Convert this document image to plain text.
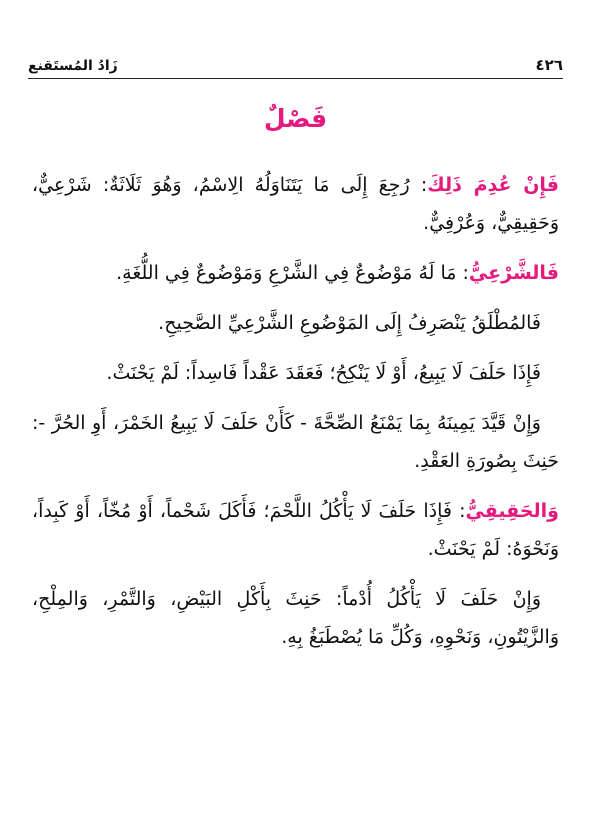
٤٢٦
زَادُ المُستَقنع
فَصْلٌ

فَإِنْ عُدِمَ ذَلِكَ: رُجِعَ إِلَى مَا يَتَنَاوَلُهُ الِاسْمُ، وَهُوَ ثَلَاثَةٌ: شَرْعِيٌّ، وَحَقِيقِيٌّ، وَعُرْفِيٌّ.

فَالشَّرْعِيُّ: مَا لَهُ مَوْضُوعٌ فِي الشَّرْعِ وَمَوْضُوعٌ فِي اللُّغَةِ.

فَالمُطْلَقُ يَنْصَرِفُ إِلَى المَوْضُوعِ الشَّرْعِيِّ الصَّحِيحِ.

فَإِذَا حَلَفَ لَا يَبِيعُ، أَوْ لَا يَنْكِحُ؛ فَعَقَدَ عَقْداً فَاسِداً: لَمْ يَحْنَثْ.

وَإِنْ قَيَّدَ يَمِينَهُ بِمَا يَمْنَعُ الصِّحَّةَ - كَأَنْ حَلَفَ لَا يَبِيعُ الخَمْرَ، أَوِ الحُرَّ -: حَنِثَ بِصُورَةِ العَقْدِ.

وَالحَقِيقِيُّ: فَإِذَا حَلَفَ لَا يَأْكُلُ اللَّحْمَ؛ فَأَكَلَ شَحْماً، أَوْ مُخّاً، أَوْ كَبِداً، وَنَحْوَهُ: لَمْ يَحْنَثْ.

وَإِنْ حَلَفَ لَا يَأْكُلُ أُدْماً: حَنِثَ بِأَكْلِ البَيْضِ، وَالتَّمْرِ، وَالمِلْحِ، وَالزَّيْتُونِ، وَنَحْوِهِ، وَكُلِّ مَا يُصْطَبَغُ بِهِ.
